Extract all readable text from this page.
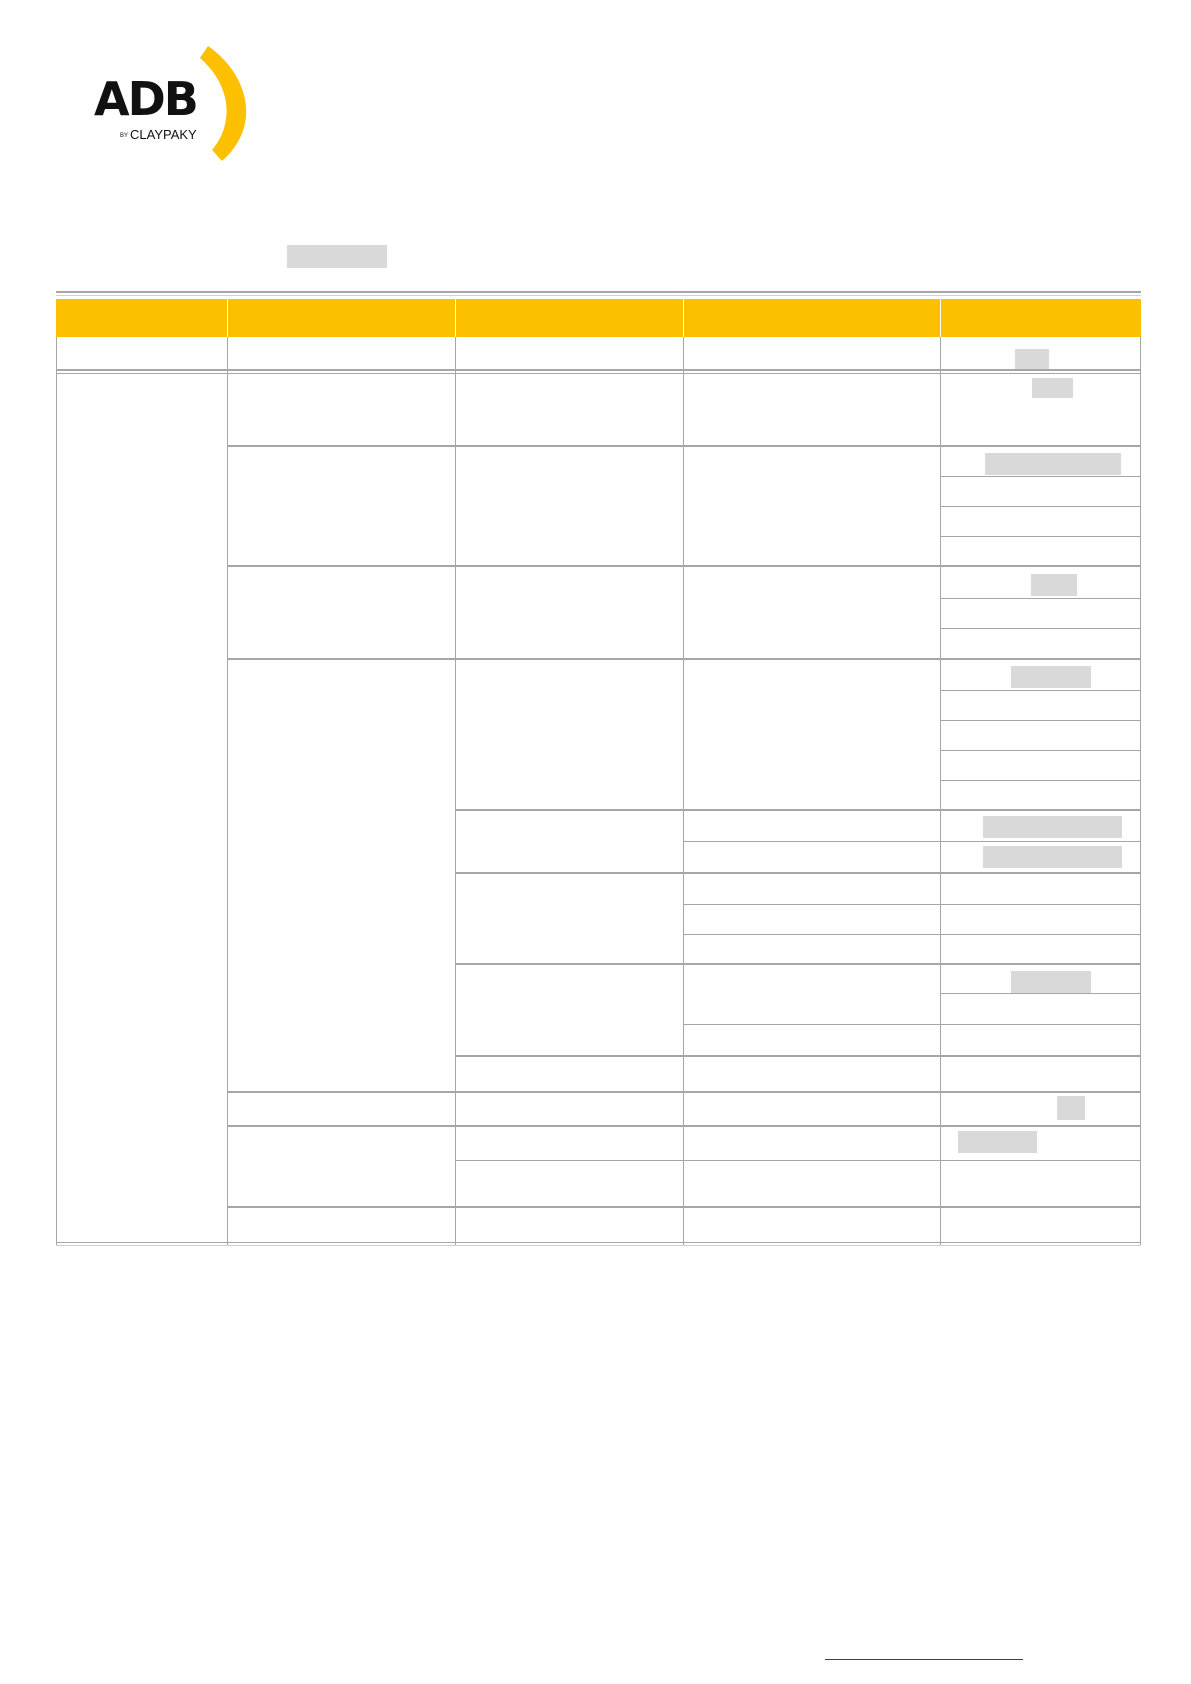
ADB
BY CLAYPAKY
